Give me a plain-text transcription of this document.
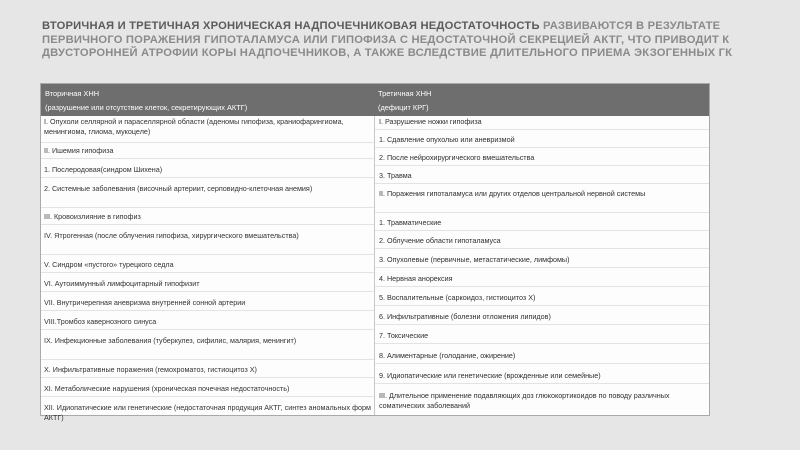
ВТОРИЧНАЯ И ТРЕТИЧНАЯ ХРОНИЧЕСКАЯ НАДПОЧЕЧНИКОВАЯ НЕДОСТАТОЧНОСТЬ РАЗВИВАЮТСЯ В РЕЗУЛЬТАТЕ ПЕРВИЧНОГО ПОРАЖЕНИЯ ГИПОТАЛАМУСА ИЛИ ГИПОФИЗА С НЕДОСТАТОЧНОЙ СЕКРЕЦИЕЙ АКТГ, ЧТО ПРИВОДИТ К ДВУСТОРОННЕЙ АТРОФИИ КОРЫ НАДПОЧЕЧНИКОВ, А ТАКЖЕ ВСЛЕДСТВИЕ ДЛИТЕЛЬНОГО ПРИЕМА ЭКЗОГЕННЫХ ГК
Вторичная ХНН
(разрушение или отсутствие клеток, секретирующих АКТГ)
Третичная ХНН
(дефицит КРГ)
I. Опухоли селлярной и параселлярной области (аденомы гипофиза, краниофарингиома, менингиома, глиома, мукоцеле)
II. Ишемия гипофиза
1. Послеродовая(синдром Шихена)
2. Системные заболевания (височный артериит, серповидно-клеточная анемия)
III. Кровоизлияние в гипофиз
IV. Ятрогенная (после облучения гипофиза, хирургического вмешательства)
V. Синдром «пустого» турецкого седла
VI. Аутоиммунный лимфоцитарный гипофизит
VII. Внутричерепная аневризма внутренней сонной артерии
VIII.Тромбоз кавернозного синуса
IX. Инфекционные заболевания (туберкулез, сифилис, малярия, менингит)
X. Инфильтративные поражения (гемохроматоз, гистиоцитоз X)
XI. Метаболические нарушения (хроническая почечная недостаточность)
XII. Идиопатические или генетические (недостаточная продукция АКТГ, синтез аномальных форм АКТГ)
I. Разрушение ножки гипофиза
1. Сдавление опухолью или аневризмой
2. После нейрохирургического вмешательства
3. Травма
II. Поражения гипоталамуса или других отделов центральной нервной системы
1. Травматические
2. Облучение области гипоталамуса
3. Опухолевые (первичные, метастатические, лимфомы)
4. Нервная анорексия
5. Воспалительные (саркоидоз, гистиоцитоз X)
6. Инфильтративные (болезни отложения липидов)
7. Токсические
8. Алиментарные (голодание, ожирение)
9. Идиопатические или генетические (врожденные или семейные)
III. Длительное применение подавляющих доз глюкокортикоидов по поводу различных соматических заболеваний
